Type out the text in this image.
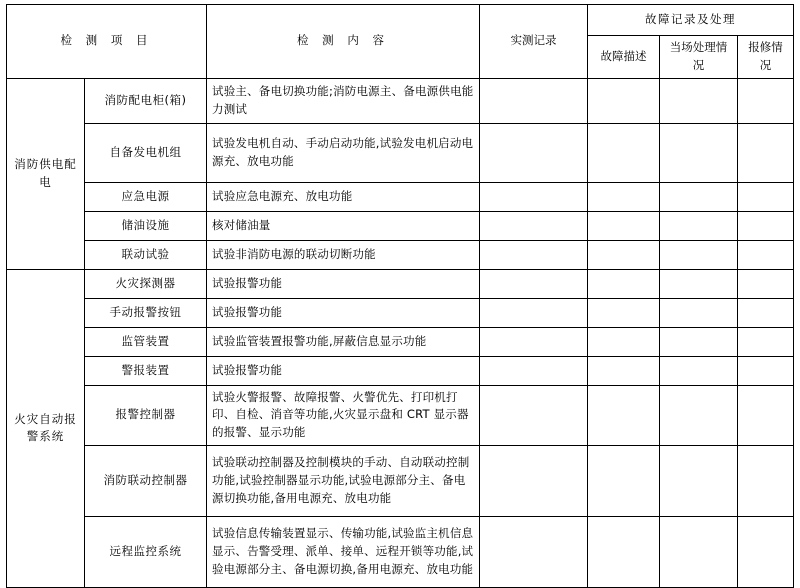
检 测 项 目		检 测 内 容	实测记录	故障记录及处理		
				故障描述	当场处理情况	报修情况
消防供电配电	消防配电柜(箱)	试验主、备电切换功能;消防电源主、备电源供电能力测试				
	自备发电机组	试验发电机自动、手动启动功能,试验发电机启动电源充、放电功能				
	应急电源	试验应急电源充、放电功能				
	储油设施	核对储油量				
	联动试验	试验非消防电源的联动切断功能				
火灾自动报警系统	火灾探测器	试验报警功能				
	手动报警按钮	试验报警功能				
	监管装置	试验监管装置报警功能,屏蔽信息显示功能				
	警报装置	试验报警功能				
	报警控制器	试验火警报警、故障报警、火警优先、打印机打印、自检、消音等功能,火灾显示盘和 CRT 显示器的报警、显示功能				
	消防联动控制器	试验联动控制器及控制模块的手动、自动联动控制功能,试验控制器显示功能,试验电源部分主、备电源切换功能,备用电源充、放电功能				
	远程监控系统	试验信息传输装置显示、传输功能,试验监主机信息显示、告警受理、派单、接单、远程开锁等功能,试验电源部分主、备电源切换,备用电源充、放电功能				
